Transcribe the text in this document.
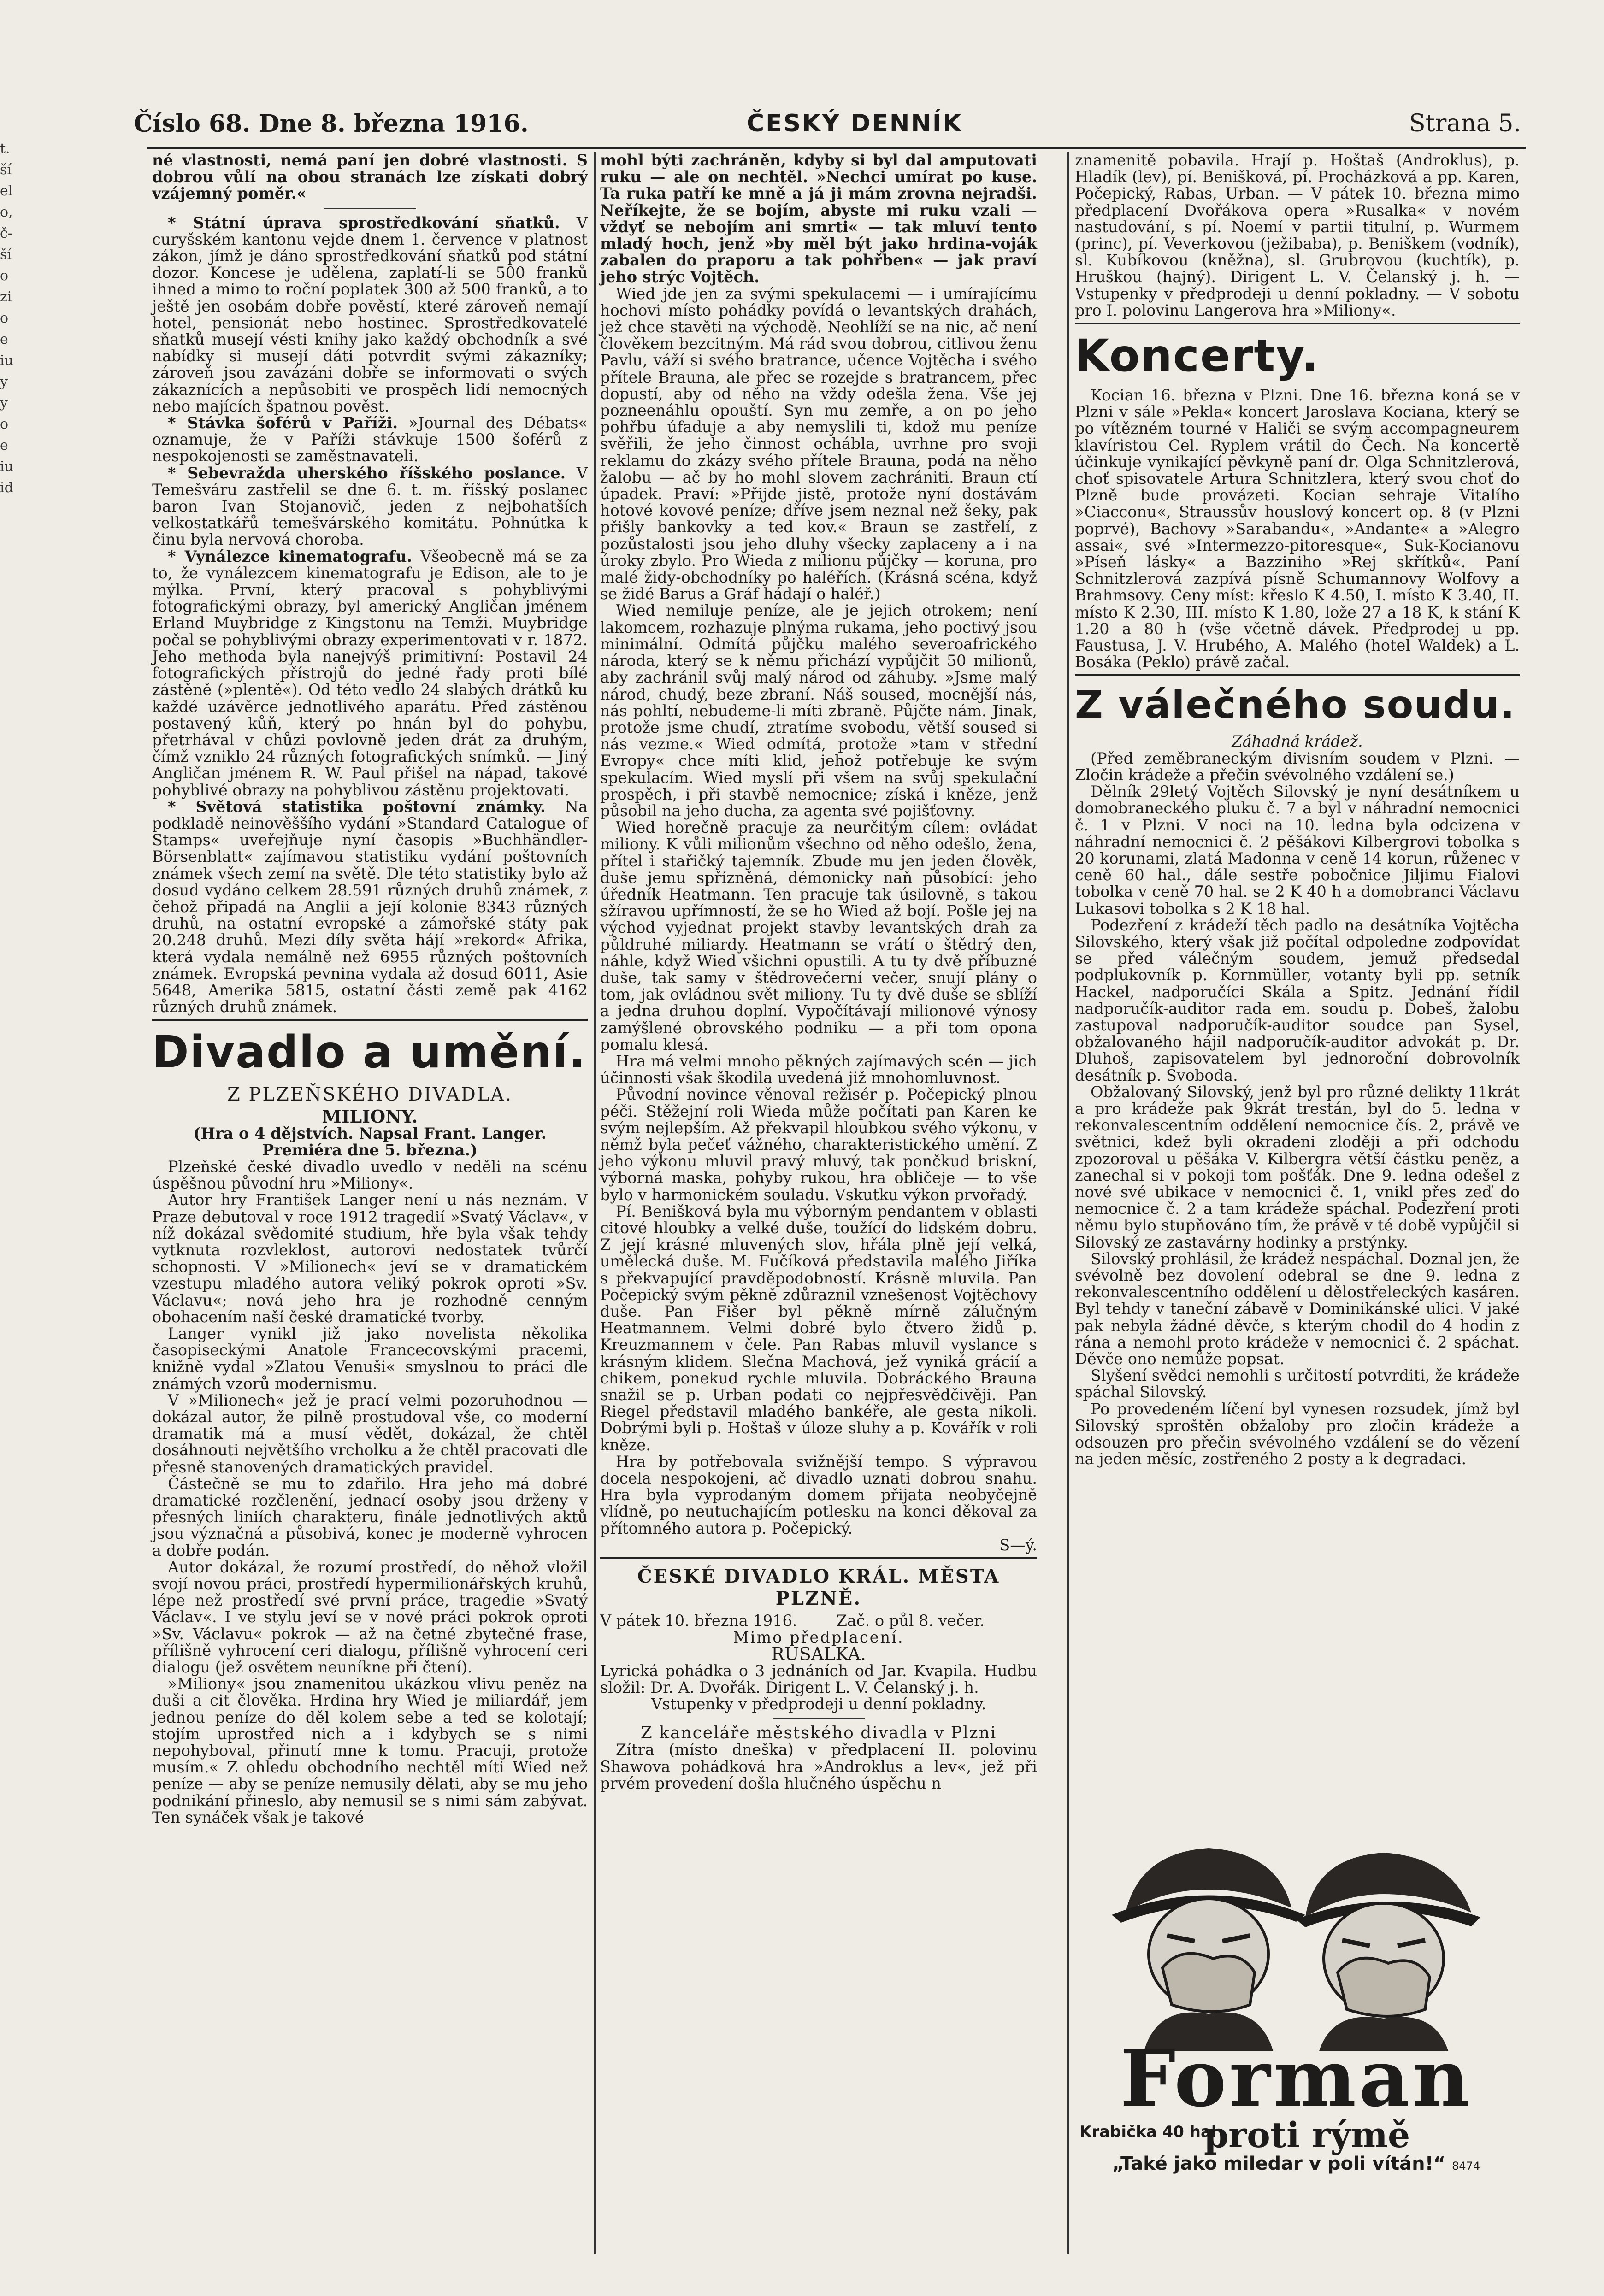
t.
ší
el
o,
č-
ší
o
zi
o
e
iu
y
y
o
e
iu
id
Číslo 68. Dne 8. března 1916.	ČESKÝ DENNÍK	Strana 5.

né vlastnosti, nemá paní jen dobré vlastnosti. S dobrou vůlí na obou stranách lze získati dobrý vzájemný poměr.«

* Státní úprava sprostředkování sňatků. V curyšském kantonu vejde dnem 1. července v platnost zákon, jímž je dáno sprostředkování sňatků pod státní dozor. Koncese je udělena, zaplatí-li se 500 franků ihned a mimo to roční poplatek 300 až 500 franků, a to ještě jen osobám dobře pověstí, které zároveň nemají hotel, pensionát nebo hostinec. Sprostředkovatelé sňatků musejí vésti knihy jako každý obchodník a své nabídky si musejí dáti potvrdit svými zákazníky; zároveň jsou zavázáni dobře se informovati o svých zákaznících a nepůsobiti ve prospěch lidí nemocných nebo majících špatnou pověst.

* Stávka šoférů v Paříži. »Journal des Débats« oznamuje, že v Paříži stávkuje 1500 šoférů z nespokojenosti se zaměstnavateli.

* Sebevražda uherského říšského poslance. V Temešváru zastřelil se dne 6. t. m. říšský poslanec baron Ivan Stojanovič, jeden z nejbohatších velkostatkářů temešvárského komitátu. Pohnútka k činu byla nervová choroba.

* Vynálezce kinematografu. Všeobecně má se za to, že vynálezcem kinematografu je Edison, ale to je mýlka. První, který pracoval s pohyblivými fotografickými obrazy, byl americký Angličan jménem Erland Muybridge z Kingstonu na Temži. Muybridge počal se pohyblivými obrazy experimentovati v r. 1872. Jeho methoda byla nanejvýš primitivní: Postavil 24 fotografických přístrojů do jedné řady proti bílé zástěně (»plentě«). Od této vedlo 24 slabých drátků ku každé uzávěrce jednotlivého aparátu. Před zástěnou postavený kůň, který po hnán byl do pohybu, přetrhával v chůzi povlovně jeden drát za druhým, čímž vzniklo 24 různých fotografických snímků. — Jiný Angličan jménem R. W. Paul přišel na nápad, takové pohyblivé obrazy na pohyblivou zástěnu projektovati.

* Světová statistika poštovní známky. Na podkladě neinověššího vydání »Standard Catalogue of Stamps« uveřejňuje nyní časopis »Buchhändler-Börsenblatt« zajímavou statistiku vydání poštovních známek všech zemí na světě. Dle této statistiky bylo až dosud vydáno celkem 28.591 různých druhů známek, z čehož připadá na Anglii a její kolonie 8343 různých druhů, na ostatní evropské a zámořské státy pak 20.248 druhů. Mezi díly světa hájí »rekord« Afrika, která vydala nemálně než 6955 různých poštovních známek. Evropská pevnina vydala až dosud 6011, Asie 5648, Amerika 5815, ostatní části země pak 4162 různých druhů známek.

Divadlo a umění.
Z PLZEŇSKÉHO DIVADLA.

MILIONY.

(Hra o 4 dějstvích. Napsal Frant. Langer. Premiéra dne 5. března.)

Plzeňské české divadlo uvedlo v neděli na scénu úspěšnou původní hru »Miliony«.

Autor hry František Langer není u nás neznám. V Praze debutoval v roce 1912 tragedií »Svatý Václav«, v níž dokázal svědomité studium, hře byla však tehdy vytknuta rozvleklost, autorovi nedostatek tvůrčí schopnosti. V »Milionech« jeví se v dramatickém vzestupu mladého autora veliký pokrok oproti »Sv. Václavu«; nová jeho hra je rozhodně cenným obohacením naší české dramatické tvorby.

Langer vynikl již jako novelista několika časopiseckými Anatole Francecovskými pracemi, knižně vydal »Zlatou Venuši« smyslnou to práci dle známých vzorů modernismu.

V »Milionech« jež je prací velmi pozoruhodnou — dokázal autor, že pilně prostudoval vše, co moderní dramatik má a musí vědět, dokázal, že chtěl dosáhnouti největšího vrcholku a že chtěl pracovati dle přesně stanovených dramatických pravidel.

Částečně se mu to zdařilo. Hra jeho má dobré dramatické rozčlenění, jednací osoby jsou drženy v přesných liniích charakteru, finále jednotlivých aktů jsou význačná a působivá, konec je moderně vyhrocen a dobře podán.

Autor dokázal, že rozumí prostředí, do něhož vložil svojí novou práci, prostředí hypermilionářských kruhů, lépe než prostředí své první práce, tragedie »Svatý Václav«. I ve stylu jeví se v nové práci pokrok oproti »Sv. Václavu« pokrok — až na četné zbytečné frase, přílišně vyhrocení ceri dialogu, přílišně vyhrocení ceri dialogu (jež osvětem neuníkne při čtení).

»Miliony« jsou znamenitou ukázkou vlivu peněz na duši a cit člověka. Hrdina hry Wied je miliardář, jem jednou peníze do děl kolem sebe a ted se kolotají; stojím uprostřed nich a i kdybych se s nimi nepohyboval, přinutí mne k tomu. Pracuji, protože musím.« Z ohledu obchodního nechtěl míti Wied než peníze — aby se peníze nemusily dělati, aby se mu jeho podnikání přineslo, aby nemusil se s nimi sám zabývat. Ten synáček však je takové

mohl býti zachráněn, kdyby si byl dal amputovati ruku — ale on nechtěl. »Nechci umírat po kuse. Ta ruka patří ke mně a já ji mám zrovna nejradši. Neříkejte, že se bojím, abyste mi ruku vzali — vždyť se nebojím ani smrti« — tak mluví tento mladý hoch, jenž »by měl být jako hrdina-voják zabalen do praporu a tak pohřben« — jak praví jeho strýc Vojtěch.

Wied jde jen za svými spekulacemi — i umírajícímu hochovi místo pohádky povídá o levantských drahách, jež chce stavěti na východě. Neohlíží se na nic, ač není člověkem bezcitným. Má rád svou dobrou, citlivou ženu Pavlu, váží si svého bratrance, učence Vojtěcha i svého přítele Brauna, ale přec se rozejde s bratrancem, přec dopustí, aby od něho na vždy odešla žena. Vše jej pozneenáhlu opouští. Syn mu zemře, a on po jeho pohřbu úfaduje a aby nemyslili ti, kdož mu peníze svěřili, že jeho činnost ochábla, uvrhne pro svoji reklamu do zkázy svého přítele Brauna, podá na něho žalobu — ač by ho mohl slovem zachrániti. Braun ctí úpadek. Praví: »Přijde jistě, protože nyní dostávám hotové kovové peníze; dříve jsem neznal než šeky, pak přišly bankovky a ted kov.« Braun se zastřelí, z pozůstalosti jsou jeho dluhy všecky zaplaceny a i na úroky zbylo. Pro Wieda z milionu půjčky — koruna, pro malé židy-obchodníky po haléřích. (Krásná scéna, když se židé Barus a Gráf hádají o haléř.)

Wied nemiluje peníze, ale je jejich otrokem; není lakomcem, rozhazuje plnýma rukama, jeho poctivý jsou minimální. Odmítá půjčku malého severoafrického národa, který se k němu přichází vypůjčit 50 milionů, aby zachránil svůj malý národ od záhuby. »Jsme malý národ, chudý, beze zbraní. Náš soused, mocnější nás, nás pohltí, nebudeme-li míti zbraně. Půjčte nám. Jinak, protože jsme chudí, ztratíme svobodu, větší soused si nás vezme.« Wied odmítá, protože »tam v střední Evropy« chce míti klid, jehož potřebuje ke svým spekulacím. Wied myslí při všem na svůj spekulační prospěch, i při stavbě nemocnice; získá i kněze, jenž působil na jeho ducha, za agenta své pojišťovny.

Wied horečně pracuje za neurčitým cílem: ovládat miliony. K vůli milionům všechno od něho odešlo, žena, přítel i stařičký tajemník. Zbude mu jen jeden člověk, duše jemu spřízněná, démonicky naň působící: jeho úředník Heatmann. Ten pracuje tak úsilovně, s takou sžíravou upřímností, že se ho Wied až bojí. Pošle jej na východ vyjednat projekt stavby levantských drah za půldruhé miliardy. Heatmann se vrátí o štědrý den, náhle, když Wied všichni opustili. A tu ty dvě příbuzné duše, tak samy v štědrovečerní večer, snují plány o tom, jak ovládnou svět miliony. Tu ty dvě duše se sblíží a jedna druhou doplní. Vypočítávají milionové výnosy zamýšlené obrovského podniku — a při tom opona pomalu klesá.

Hra má velmi mnoho pěkných zajímavých scén — jich účinnosti však škodila uvedená již mnohomluvnost.

Původní novince věnoval režisér p. Počepický plnou péči. Stěžejní roli Wieda může počítati pan Karen ke svým nejlepším. Až překvapil hloubkou svého výkonu, v němž byla pečeť vážného, charakteristického umění. Z jeho výkonu mluvil pravý mluvý, tak pončkud briskní, výborná maska, pohyby rukou, hra obličeje — to vše bylo v harmonickém souladu. Vskutku výkon prvořadý.

Pí. Benišková byla mu výborným pendantem v oblasti citové hloubky a velké duše, toužící do lidském dobru. Z její krásné mluvených slov, hřála plně její velká, umělecká duše. M. Fučíková představila malého Jiříka s překvapující pravděpodobností. Krásně mluvila. Pan Počepický svým pěkně zdůraznil vznešenost Vojtěchovy duše. Pan Fišer byl pěkně mírně zálučným Heatmannem. Velmi dobré bylo čtvero židů p. Kreuzmannem v čele. Pan Rabas mluvil vyslance s krásným klidem. Slečna Machová, jež vyniká grácií a chikem, ponekud rychle mluvila. Dobráckého Brauna snažil se p. Urban podati co nejpřesvědčivěji. Pan Riegel představil mladého bankéře, ale gesta nikoli. Dobrými byli p. Hoštaš v úloze sluhy a p. Kovářík v roli kněze.

Hra by potřebovala svižnější tempo. S výpravou docela nespokojeni, ač divadlo uznati dobrou snahu. Hra byla vyprodaným domem přijata neobyčejně vlídně, po neutuchajícím potlesku na konci děkoval za přítomného autora p. Počepický.

S—ý.

ČESKÉ DIVADLO KRÁL. MĚSTA PLZNĚ.

V pátek 10. března 1916.	Zač. o půl 8. večer.

Mimo předplacení.

RUSALKA.

Lyrická pohádka o 3 jednáních od Jar. Kvapila. Hudbu složil: Dr. A. Dvořák. Dirigent L. V. Čelanský j. h.

Vstupenky v předprodeji u denní pokladny.

Z kanceláře městského divadla v Plzni

Zítra (místo dneška) v předplacení II. polovinu Shawova pohádková hra »Androklus a lev«, jež při prvém provedení došla hlučného úspěchu n

znamenitě pobavila. Hrají p. Hoštaš (Androklus), p. Hladík (lev), pí. Benišková, pí. Procházková a pp. Karen, Počepický, Rabas, Urban. — V pátek 10. března mimo předplacení Dvořákova opera »Rusalka« v novém nastudování, s pí. Noemí v partii titulní, p. Wurmem (princ), pí. Veverkovou (ježibaba), p. Beniškem (vodník), sl. Kubíkovou (kněžna), sl. Grubrovou (kuchtík), p. Hruškou (hajný). Dirigent L. V. Čelanský j. h. — Vstupenky v předprodeji u denní pokladny. — V sobotu pro I. polovinu Langerova hra »Miliony«.

Koncerty.

Kocian 16. března v Plzni. Dne 16. března koná se v Plzni v sále »Pekla« koncert Jaroslava Kociana, který se po vítězném tourné v Haliči se svým accompagneurem klavíristou Cel. Ryplem vrátil do Čech. Na koncertě účinkuje vynikající pěvkyně paní dr. Olga Schnitzlerová, choť spisovatele Artura Schnitzlera, který svou choť do Plzně bude provázeti. Kocian sehraje Vitalího »Ciacconu«, Straussův houslový koncert op. 8 (v Plzni poprvé), Bachovy »Sarabandu«, »Andante« a »Alegro assai«, své »Intermezzo-pitoresque«, Suk-Kocianovu »Píseň lásky« a Bazziniho »Rej skřítků«. Paní Schnitzlerová zazpívá písně Schumannovy Wolfovy a Brahmsovy. Ceny míst: křeslo K 4.50, I. místo K 3.40, II. místo K 2.30, III. místo K 1.80, lože 27 a 18 K, k stání K 1.20 a 80 h (vše včetně dávek. Předprodej u pp. Faustusa, J. V. Hrubého, A. Malého (hotel Waldek) a L. Bosáka (Peklo) právě začal.

Z válečného soudu.

Záhadná krádež.

(Před zeměbraneckým divisním soudem v Plzni. — Zločin krádeže a přečin svévolného vzdálení se.)

Dělník 29letý Vojtěch Silovský je nyní desátníkem u domobraneckého pluku č. 7 a byl v náhradní nemocnici č. 1 v Plzni. V noci na 10. ledna byla odcizena v náhradní nemocnici č. 2 pěšákovi Kilbergrovi tobolka s 20 korunami, zlatá Madonna v ceně 14 korun, růženec v ceně 60 hal., dále sestře pobočnice Jiljimu Fialovi tobolka v ceně 70 hal. se 2 K 40 h a domobranci Václavu Lukasovi tobolka s 2 K 18 hal.

Podezření z krádeží těch padlo na desátníka Vojtěcha Silovského, který však již počítal odpoledne zodpovídat se před válečným soudem, jemuž předsedal podplukovník p. Kornmüller, votanty byli pp. setník Hackel, nadporučíci Skála a Spitz. Jednání řídil nadporučík-auditor rada em. soudu p. Dobeš, žalobu zastupoval nadporučík-auditor soudce pan Sysel, obžalovaného hájil nadporučík-auditor advokát p. Dr. Dluhoš, zapisovatelem byl jednoroční dobrovolník desátník p. Svoboda.

Obžalovaný Silovský, jenž byl pro různé delikty 11krát a pro krádeže pak 9krát trestán, byl do 5. ledna v rekonvalescentním oddělení nemocnice čís. 2, právě ve světnici, kdež byli okradeni zloději a při odchodu zpozoroval u pěšáka V. Kilbergra větší částku peněz, a zanechal si v pokoji tom pošťák. Dne 9. ledna odešel z nové své ubikace v nemocnici č. 1, vnikl přes zeď do nemocnice č. 2 a tam krádeže spáchal. Podezření proti němu bylo stupňováno tím, že právě v té době vypůjčil si Silovský ze zastavárny hodinky a prstýnky.

Silovský prohlásil, že krádež nespáchal. Doznal jen, že svévolně bez dovolení odebral se dne 9. ledna z rekonvalescentního oddělení u dělostřeleckých kasáren. Byl tehdy v taneční zábavě v Dominikánské ulici. V jaké pak nebyla žádné děvče, s kterým chodil do 4 hodin z rána a nemohl proto krádeže v nemocnici č. 2 spáchat. Děvče ono nemůže popsat.

Slyšení svědci nemohli s určitostí potvrditi, že krádeže spáchal Silovský.

Po provedeném líčení byl vynesen rozsudek, jímž byl Silovský sproštěn obžaloby pro zločin krádeže a odsouzen pro přečin svévolného vzdálení se do vězení na jeden měsíc, zostřeného 2 posty a k degradaci.

Forman
Krabička 40 hal
proti rýmě
„Také jako miledar v poli vítán!“ 8474
